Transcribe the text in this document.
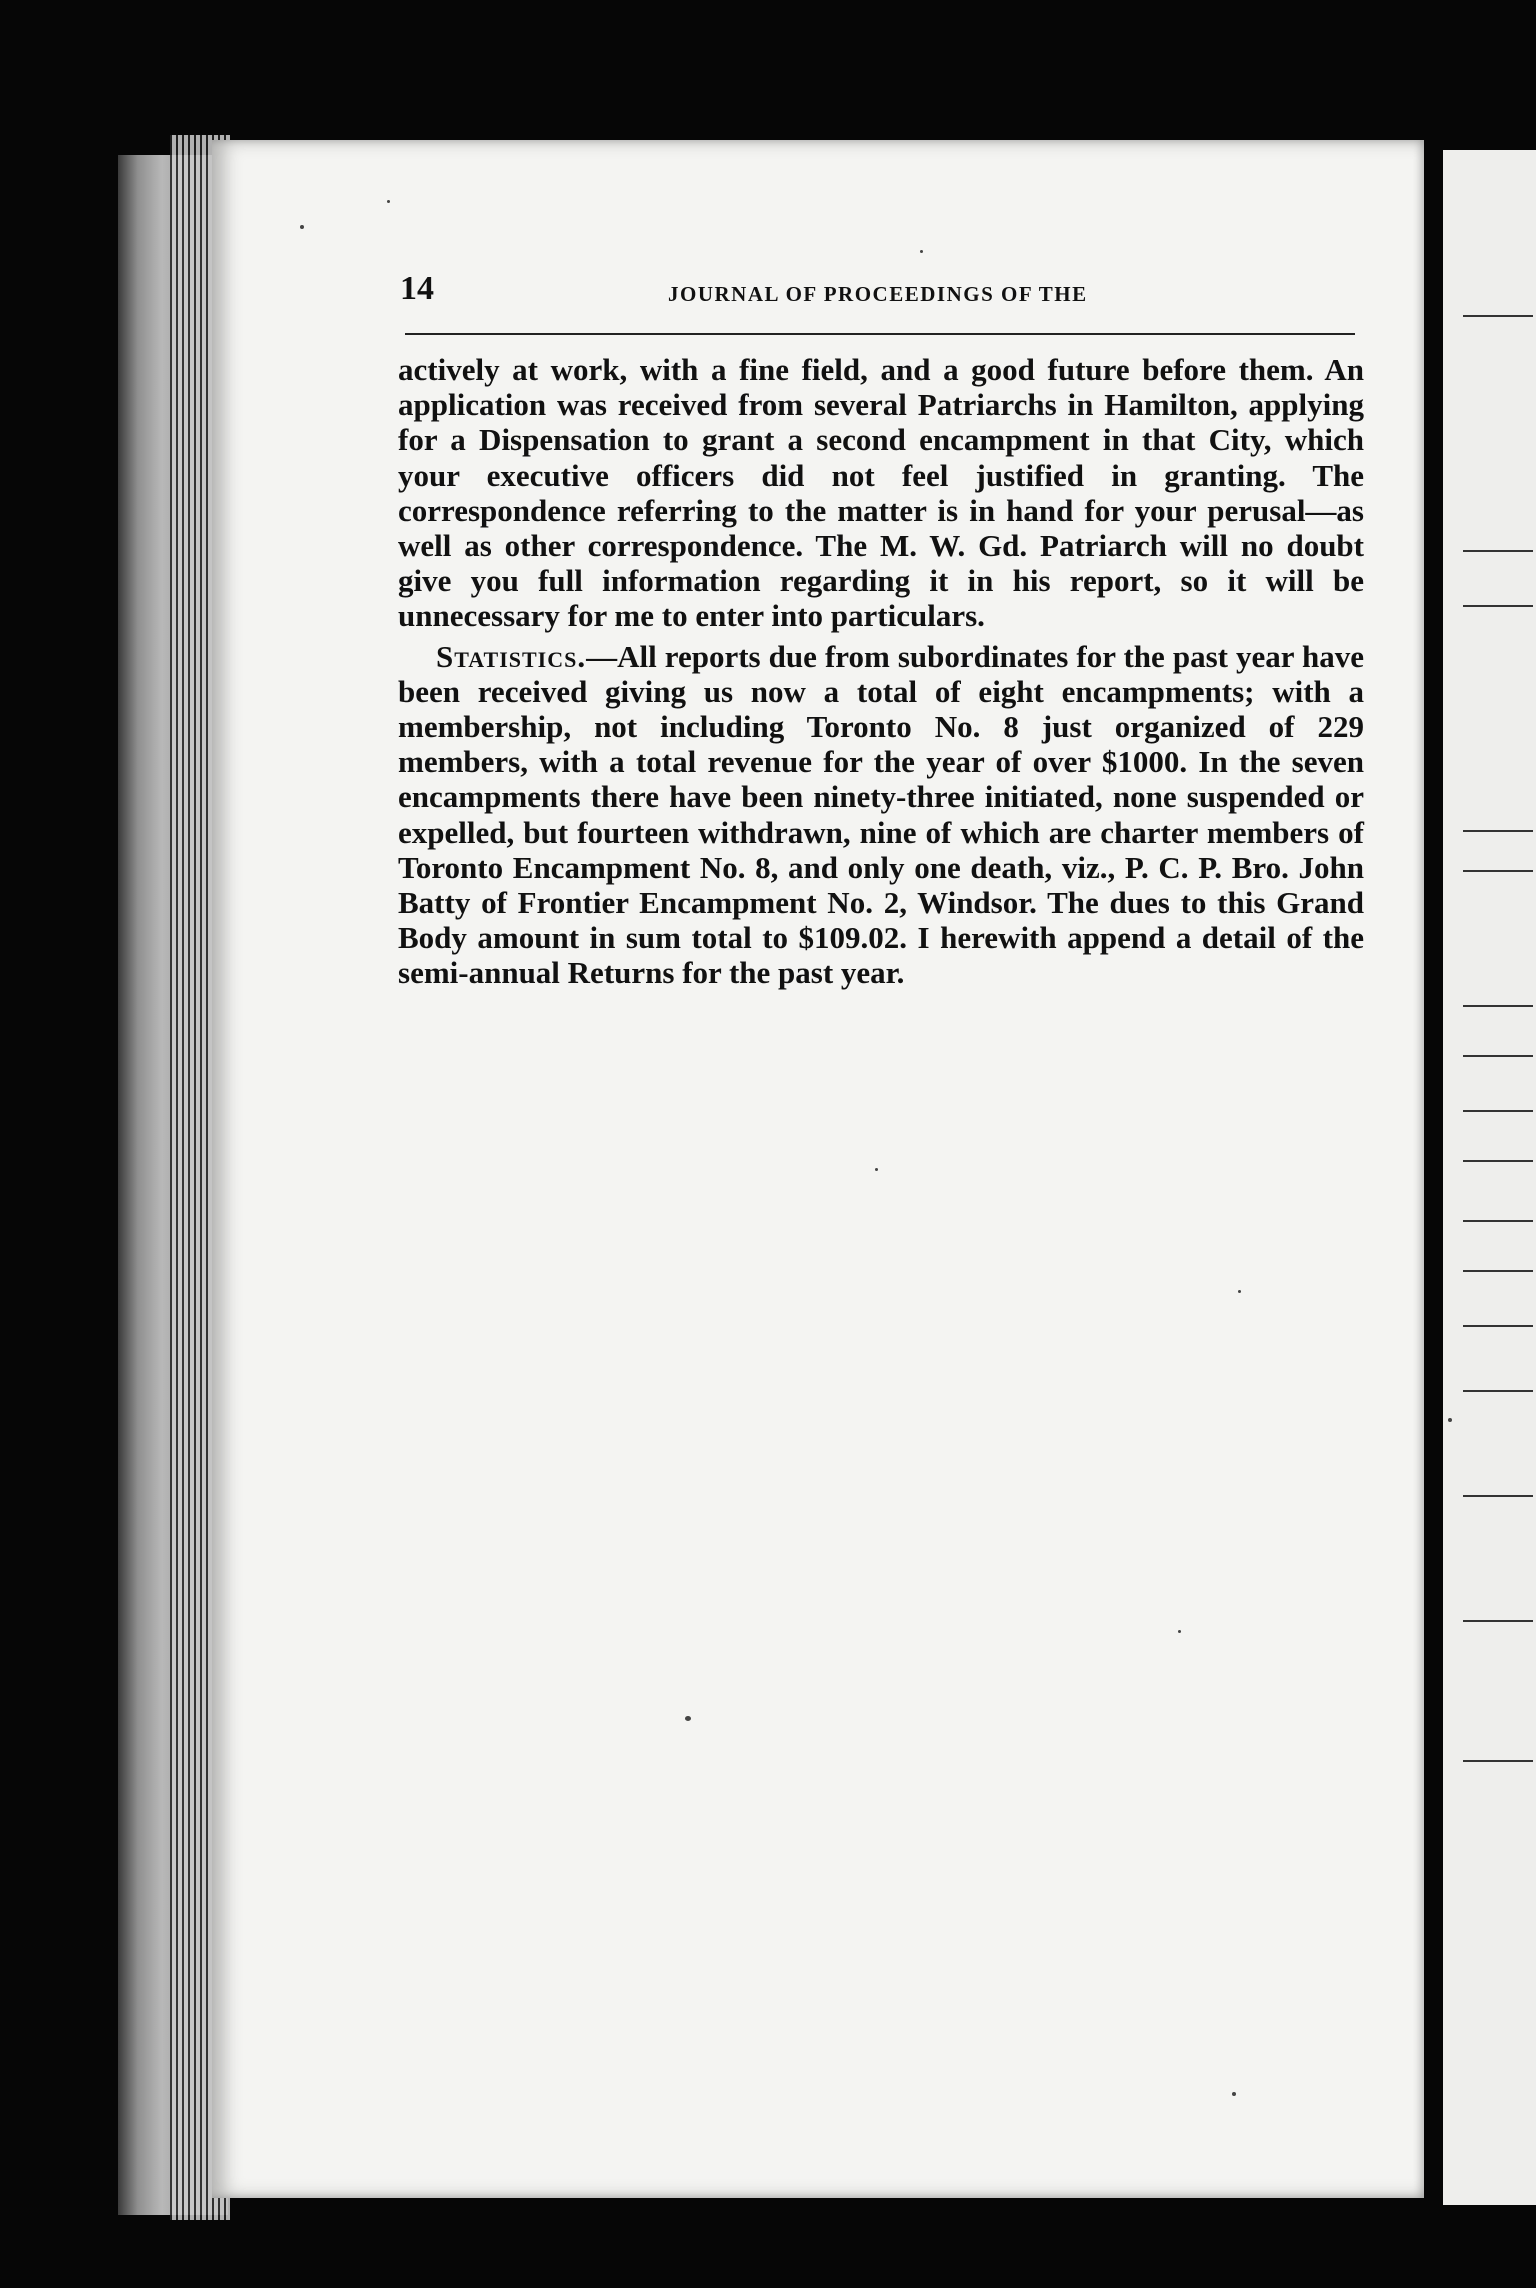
14	JOURNAL OF PROCEEDINGS OF THE

actively at work, with a fine field, and a good future before them. An application was received from several Patriarchs in Hamilton, applying for a Dispensation to grant a second encampment in that City, which your executive officers did not feel justified in granting. The correspondence referring to the matter is in hand for your perusal—as well as other correspondence. The M. W. Gd. Patriarch will no doubt give you full information regarding it in his report, so it will be unnecessary for me to enter into particulars.

Statistics.—All reports due from subordinates for the past year have been received giving us now a total of eight encampments; with a membership, not including Toronto No. 8 just organized of 229 members, with a total revenue for the year of over $1000. In the seven encampments there have been ninety-three initiated, none suspended or expelled, but fourteen withdrawn, nine of which are charter members of Toronto Encampment No. 8, and only one death, viz., P. C. P. Bro. John Batty of Frontier Encampment No. 2, Windsor. The dues to this Grand Body amount in sum total to $109.02. I herewith append a detail of the semi-annual Returns for the past year.
